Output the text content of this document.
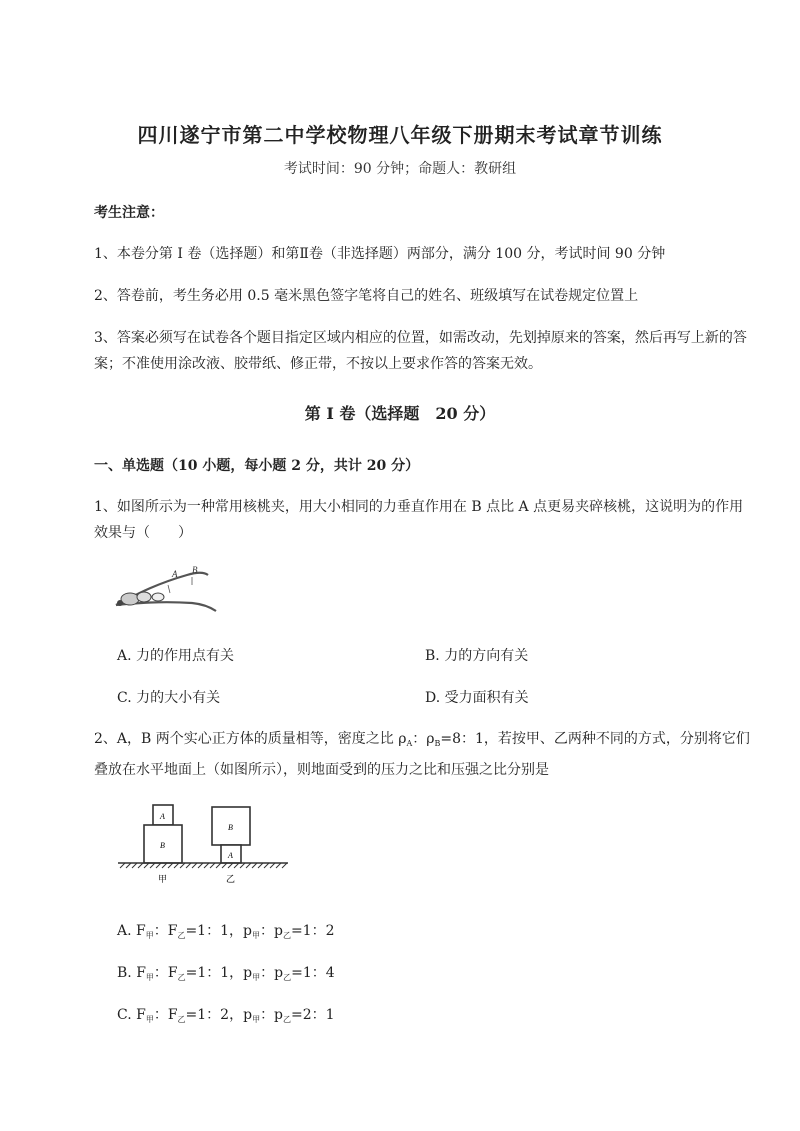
四川遂宁市第二中学校物理八年级下册期末考试章节训练
考试时间：90 分钟；命题人：教研组
考生注意：
1、本卷分第 I 卷（选择题）和第Ⅱ卷（非选择题）两部分，满分 100 分，考试时间 90 分钟
2、答卷前，考生务必用 0.5 毫米黑色签字笔将自己的姓名、班级填写在试卷规定位置上
3、答案必须写在试卷各个题目指定区域内相应的位置，如需改动，先划掉原来的答案，然后再写上新的答案；不准使用涂改液、胶带纸、修正带，不按以上要求作答的答案无效。
第 I 卷（选择题　20 分）
一、单选题（10 小题，每小题 2 分，共计 20 分）
1、如图所示为一种常用核桃夹，用大小相同的力垂直作用在 B 点比 A 点更易夹碎核桃，这说明为的作用效果与（　　）
A B
A. 力的作用点有关	B. 力的方向有关
C. 力的大小有关	D. 受力面积有关
2、A，B 两个实心正方体的质量相等，密度之比 $\rho_A$：$\rho_B=8$：1，若按甲、乙两种不同的方式，分别将它们叠放在水平地面上（如图所示），则地面受到的压力之比和压强之比分别是
A
B
B
A
甲	乙
A. $F_甲$：$F_乙=1$：1，$p_甲$：$p_乙=1$：2
B. $F_甲$：$F_乙=1$：1，$p_甲$：$p_乙=1$：4
C. $F_甲$：$F_乙=1$：2，$p_甲$：$p_乙=2$：1
